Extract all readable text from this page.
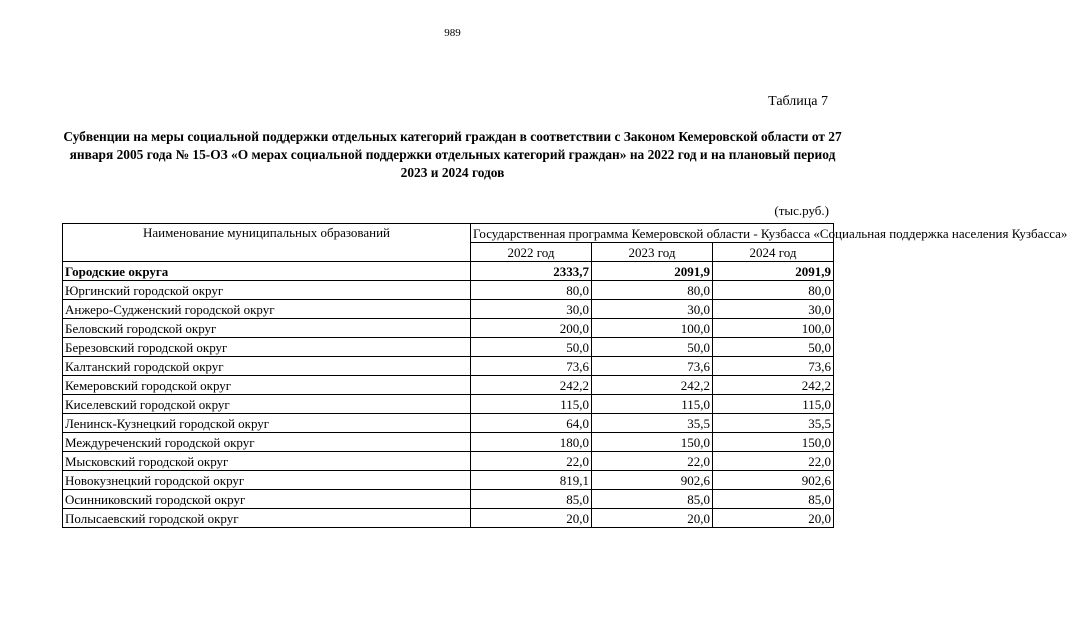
989
Таблица 7
Субвенции на меры социальной поддержки отдельных категорий граждан в соответствии с Законом Кемеровской области от 27 января 2005 года № 15-ОЗ «О мерах социальной поддержки отдельных категорий граждан» на 2022 год и на плановый период 2023 и 2024 годов
(тыс.руб.)
Наименование муниципальных образований	Государственная программа Кемеровской области - Кузбасса «Социальная поддержка населения Кузбасса»		
	2022 год	2023 год	2024 год
Городские округа	2333,7	2091,9	2091,9
Юргинский городской округ	80,0	80,0	80,0
Анжеро-Судженский городской округ	30,0	30,0	30,0
Беловский городской округ	200,0	100,0	100,0
Березовский городской округ	50,0	50,0	50,0
Калтанский городской округ	73,6	73,6	73,6
Кемеровский городской округ	242,2	242,2	242,2
Киселевский городской округ	115,0	115,0	115,0
Ленинск-Кузнецкий городской округ	64,0	35,5	35,5
Междуреченский городской округ	180,0	150,0	150,0
Мысковский городской округ	22,0	22,0	22,0
Новокузнецкий городской округ	819,1	902,6	902,6
Осинниковский городской округ	85,0	85,0	85,0
Полысаевский городской округ	20,0	20,0	20,0
